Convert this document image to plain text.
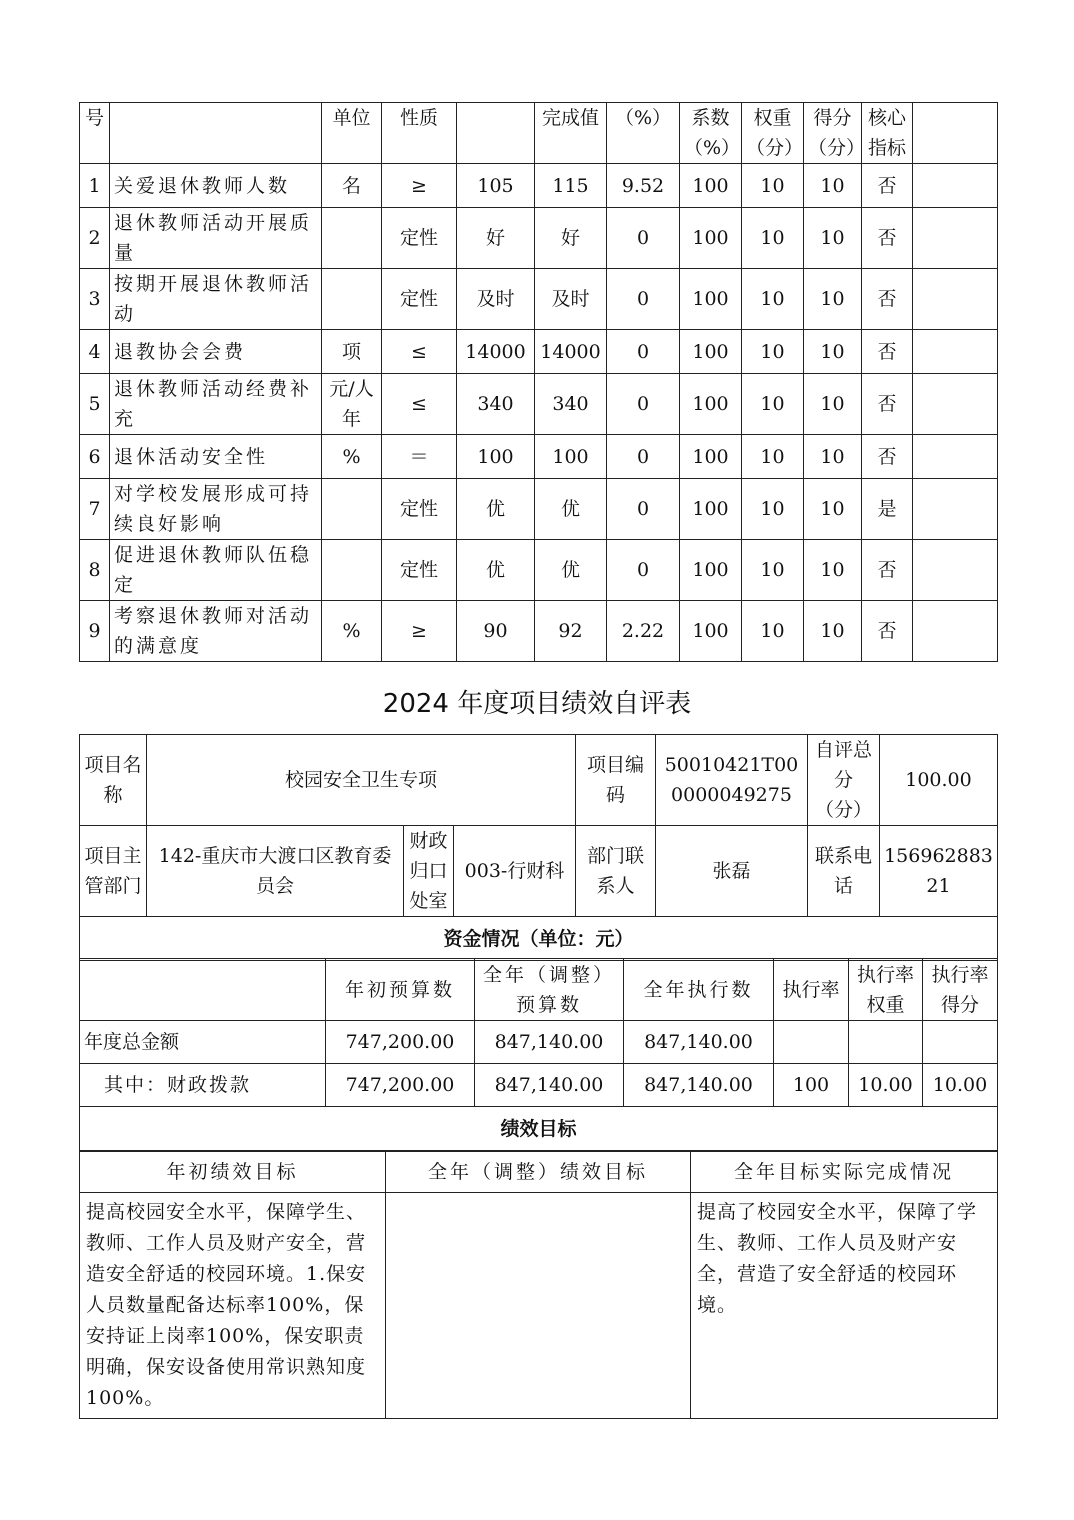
号		单位	性质		完成值	（%）	系数（%）	权重（分）	得分（分）	核心指标	
1	关爱退休教师人数	名	≥	105	115	9.52	100	10	10	否	
2	退休教师活动开展质量		定性	好	好	0	100	10	10	否	
3	按期开展退休教师活动		定性	及时	及时	0	100	10	10	否	
4	退教协会会费	项	≤	14000	14000	0	100	10	10	否	
5	退休教师活动经费补充	元/人年	≤	340	340	0	100	10	10	否	
6	退休活动安全性	%	＝	100	100	0	100	10	10	否	
7	对学校发展形成可持续良好影响		定性	优	优	0	100	10	10	是	
8	促进退休教师队伍稳定		定性	优	优	0	100	10	10	否	
9	考察退休教师对活动的满意度	%	≥	90	92	2.22	100	10	10	否	
2024 年度项目绩效自评表
项目名称	校园安全卫生专项			项目编码	50010421T000000049275	自评总分（分）	100.00
项目主管部门	142-重庆市大渡口区教育委员会	财政归口处室	003-行财科	部门联系人	张磊	联系电话	15696288321
资金情况（单位：元）							
	年初预算数	全年（调整）预算数	全年执行数	执行率	执行率权重	执行率得分
年度总金额	747,200.00	847,140.00	847,140.00			
其中：财政拨款	747,200.00	847,140.00	847,140.00	100	10.00	10.00
绩效目标						
年初绩效目标	全年（调整）绩效目标	全年目标实际完成情况
提高校园安全水平，保障学生、教师、工作人员及财产安全，营造安全舒适的校园环境。1.保安人员数量配备达标率100%，保安持证上岗率100%，保安职责明确，保安设备使用常识熟知度100%。		提高了校园安全水平，保障了学生、教师、工作人员及财产安全，营造了安全舒适的校园环境。
